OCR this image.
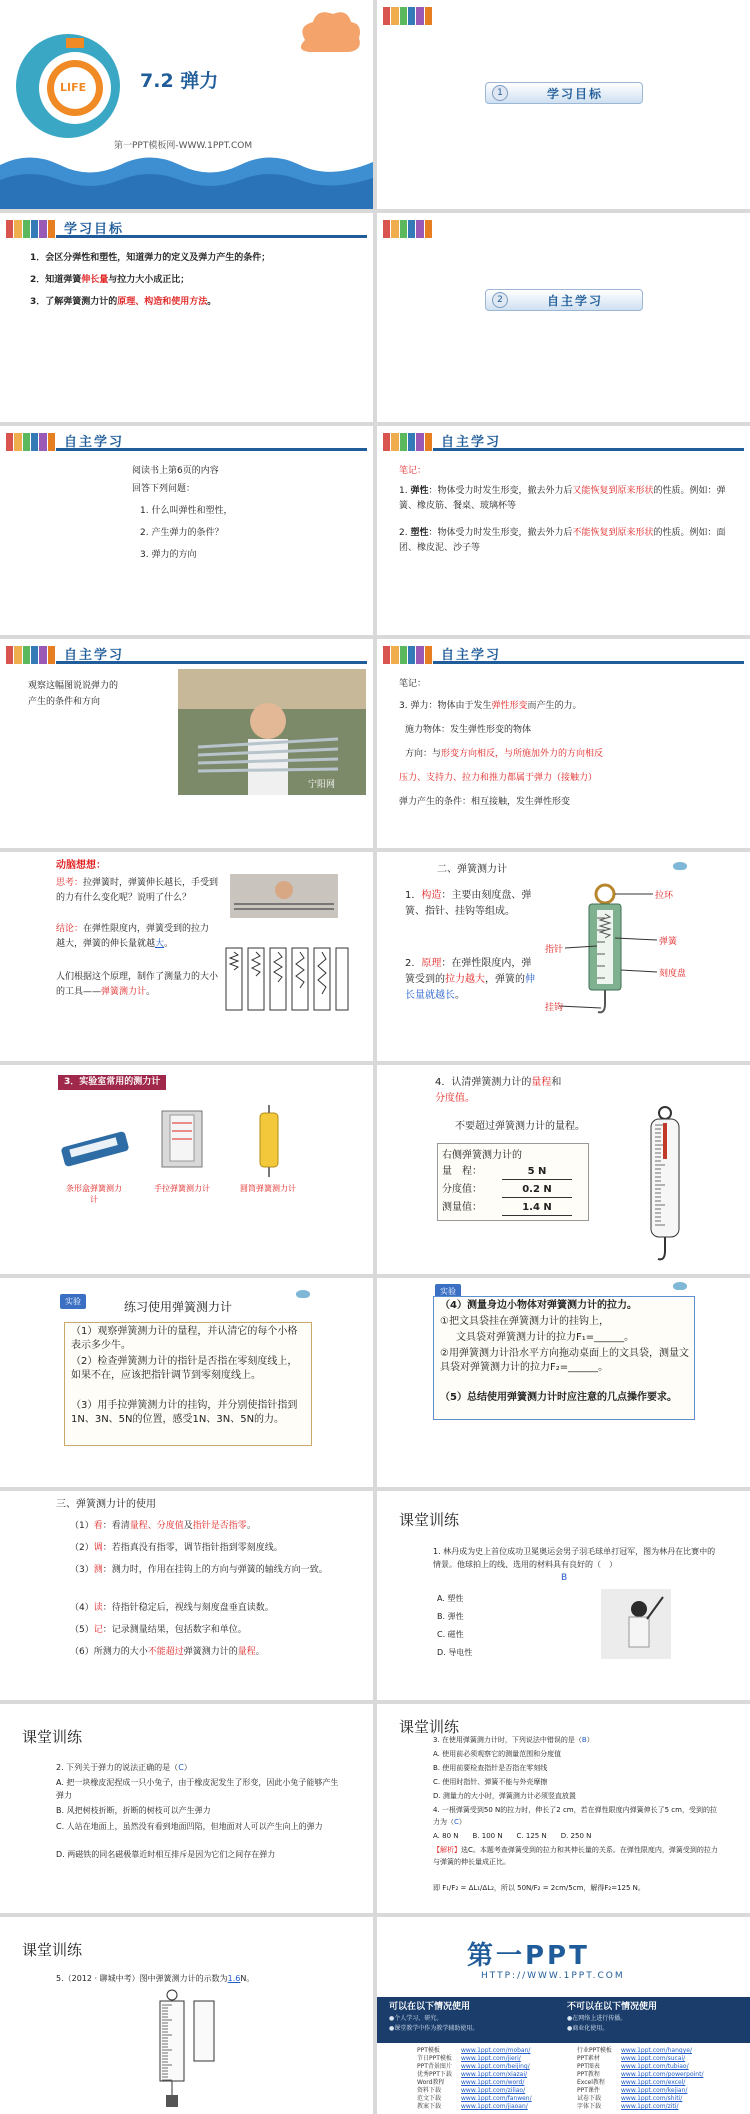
LIFE	7.2 弹力
第一PPT模板网-WWW.1PPT.COM
1	学习目标
学习目标
1．会区分弹性和塑性，知道弹力的定义及弹力产生的条件；
2．知道弹簧伸长量与拉力大小成正比；
3．了解弹簧测力计的原理、构造和使用方法。	2	自主学习
自主学习
阅读书上第6页的内容
回答下列问题：
1. 什么叫弹性和塑性，
2. 产生弹力的条件？
3. 弹力的方向
自主学习
笔记：
1. 弹性：物体受力时发生形变，撤去外力后又能恢复到原来形状的性质。例如：弹簧、橡皮筋、餐桌、玻璃杯等
2. 塑性：物体受力时发生形变，撤去外力后不能恢复到原来形状的性质。例如：面团、橡皮泥、沙子等
自主学习
观察这幅图说说弹力的
产生的条件和方向
宁阳网
自主学习
笔记：
3. 弹力：物体由于发生弹性形变而产生的力。
施力物体：发生弹性形变的物体
方向：与形变方向相反，与所施加外力的方向相反
压力、支持力、拉力和推力都属于弹力（接触力）
弹力产生的条件：相互接触，发生弹性形变
动脑想想：
思考：拉弹簧时，弹簧伸长越长，手受到的力有什么变化呢？说明了什么？
结论：在弹性限度内，弹簧受到的拉力越大，弹簧的伸长量就越大。
人们根据这个原理，制作了测量力的大小的工具——弹簧测力计。
二、弹簧测力计
1．构造：主要由刻度盘、弹簧、指针、挂钩等组成。
2．原理：在弹性限度内，弹簧受到的拉力越大，弹簧的伸长量就越长。
拉环
指针
弹簧
刻度盘
挂钩
3．实验室常用的测力计
条形盒弹簧测力计
手拉弹簧测力计	圆筒弹簧测力计
4．认清弹簧测力计的量程和
分度值。
不要超过弹簧测力计的量程。
右侧弹簧测力计的
量　程：	5 N
分度值：	0.2 N
测量值：	1.4 N
实验	练习使用弹簧测力计
（1）观察弹簧测力计的量程，并认清它的每个小格表示多少牛。
（2）检查弹簧测力计的指针是否指在零刻度线上，如果不在，应该把指针调节到零刻度线上。
（3）用手拉弹簧测力计的挂钩，并分别使指针指到1N、3N、5N的位置，感受1N、3N、5N的力。
实验
（4）测量身边小物体对弹簧测力计的拉力。
①把文具袋挂在弹簧测力计的挂钩上，
文具袋对弹簧测力计的拉力F₁=______。
②用弹簧测力计沿水平方向拖动桌面上的文具袋，测量文具袋对弹簧测力计的拉力F₂=______。
（5）总结使用弹簧测力计时应注意的几点操作要求。
三、弹簧测力计的使用
（1）看：看清量程、分度值及指针是否指零。
（2）调：若指真没有指零，调节指针指到零刻度线。
（3）测：测力时，作用在挂钩上的方向与弹簧的轴线方向一致。
（4）读：待指针稳定后，视线与刻度盘垂直读数。
（5）记：记录测量结果，包括数字和单位。
（6）所测力的大小不能超过弹簧测力计的量程。
课堂训练
1. 林丹成为史上首位成功卫冕奥运会男子羽毛球单打冠军，图为林丹在比赛中的情景。他球拍上的线、选用的材料具有良好的（　）
B
A. 塑性
B. 弹性
C. 磁性
D. 导电性
课堂训练
2. 下列关于弹力的说法正确的是（C）
A. 把一块橡皮泥捏成一只小兔子，由于橡皮泥发生了形变，因此小兔子能够产生弹力
B. 风把树枝折断，折断的树枝可以产生弹力
C. 人站在地面上，虽然没有看到地面凹陷，但地面对人可以产生向上的弹力
D. 两磁铁的同名磁极靠近时相互排斥是因为它们之间存在弹力
课堂训练
3. 在使用弹簧测力计时，下列说法中错误的是（B）
A. 使用前必须观察它的测量范围和分度值
B. 使用前要检查指针是否指在零刻线
C. 使用时指针、弹簧不能与外壳摩擦
D. 测量力的大小时，弹簧测力计必须竖直放置
4. 一根弹簧受到50 N的拉力时，伸长了2 cm，若在弹性限度内弹簧伸长了5 cm，受到的拉力为（C）
A. 80 N　　B. 100 N　　C. 125 N　　D. 250 N
【解析】选C。本题考查弹簧受到的拉力和其伸长量的关系。在弹性限度内，弹簧受到的拉力与弹簧的伸长量成正比。
即 F₁/F₂ = ΔL₁/ΔL₂，所以 50N/F₂ = 2cm/5cm，解得F₂=125 N。
课堂训练
5.（2012 · 聊城中考）图中弹簧测力计的示数为1.6N。
第一PPT
HTTP://WWW.1PPT.COM
可以在以下情况使用
●个人学习、研究。
●课堂教学中作为教学辅助使用。
不可以在以下情况使用
●在网络上进行传播。
●商业化使用。
PPT模板	www.1ppt.com/moban/
节日PPT模板 www.1ppt.com/jieri/
PPT背景图片 www.1ppt.com/beijing/
优秀PPT下载 www.1ppt.com/xiazai/
Word教程	www.1ppt.com/word/
资料下载	www.1ppt.com/ziliao/
范文下载	www.1ppt.com/fanwen/
教案下载	www.1ppt.com/jiaoan/
行业PPT模板 www.1ppt.com/hangye/
PPT素材	www.1ppt.com/sucai/
PPT图表	www.1ppt.com/tubiao/
PPT教程	www.1ppt.com/powerpoint/
Excel教程	www.1ppt.com/excel/
PPT课件	www.1ppt.com/kejian/
试卷下载	www.1ppt.com/shiti/
字体下载	www.1ppt.com/ziti/
